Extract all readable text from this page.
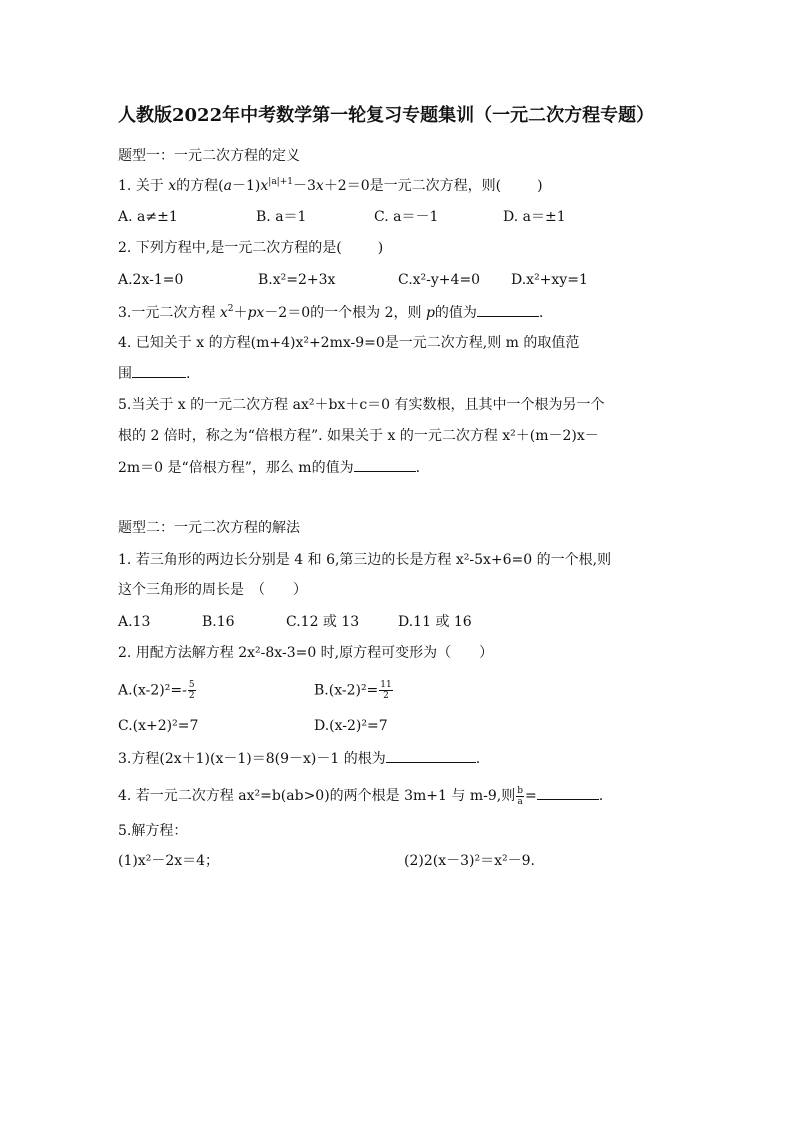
人教版2022年中考数学第一轮复习专题集训（一元二次方程专题）
题型一：一元二次方程的定义
1. 关于 x的方程$(a-1)x^{|a|+1}-3x+2=0$是一元二次方程，则(	)
A. a≠±1	B. a＝1	C. a＝－1	D. a＝±1
2. 下列方程中,是一元二次方程的是(	)
A.2x-1=0	B.x²=2+3x	C.x²-y+4=0 D.x²+xy=1
3.一元二次方程 $x^2+px-2=0$的一个根为 2，则 p的值为	.
4. 已知关于 x 的方程(m+4)x²+2mx-9=0是一元二次方程,则 m 的取值范
围	.
5.当关于 x 的一元二次方程 ax²＋bx＋c＝0 有实数根，且其中一个根为另一个
根的 2 倍时，称之为“倍根方程”. 如果关于 x 的一元二次方程 x²＋(m－2)x－
2m＝0 是“倍根方程”，那么 m的值为	.
题型二：一元二次方程的解法
1. 若三角形的两边长分别是 4 和 6,第三边的长是方程 x²-5x+6=0 的一个根,则
这个三角形的周长是　（　　）
A.13	B.16	C.12 或 13	D.11 或 16
2. 用配方法解方程 2x²-8x-3=0 时,原方程可变形为（　　）
$A.(x-2)^2=- \frac{5}{2}$	$B.(x-2)^2= \frac{11}{2}$
C.(x+2)²=7	D.(x-2)²=7
3.方程(2x＋1)(x－1)＝8(9－x)－1 的根为	.
4. 若一元二次方程 ax²=b(ab>0)的两个根是 3m+1 与 m-9,则 $\frac{b}{a}$ =	.
5.解方程：
(1)x²－2x＝4；	(2)2(x－3)²＝x²－9.
